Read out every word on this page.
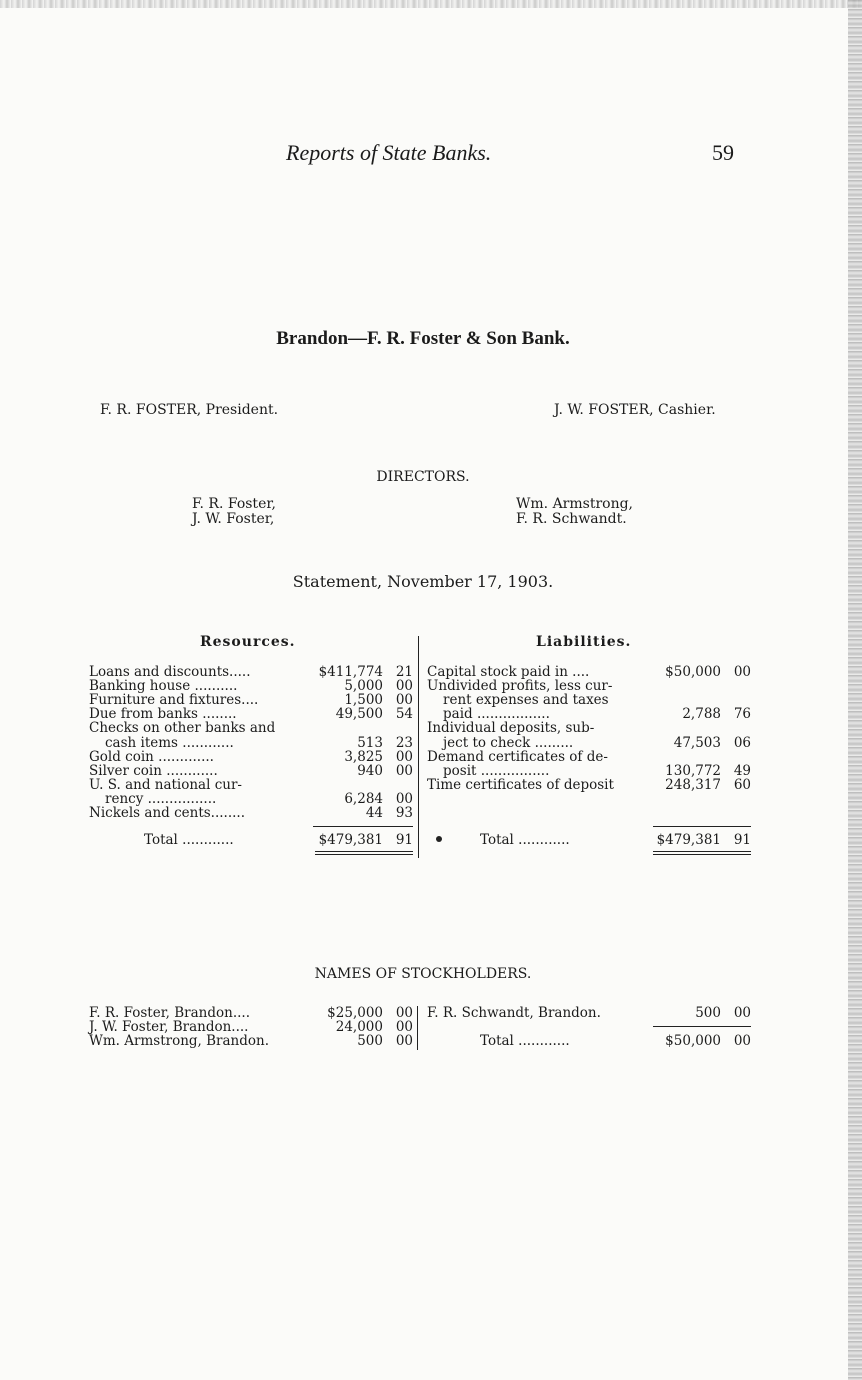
Reports of State Banks.	59
Brandon—F. R. Foster & Son Bank.
F. R. FOSTER, President.	J. W. FOSTER, Cashier.
DIRECTORS.
F. R. Foster,
J. W. Foster,
Wm. Armstrong,
F. R. Schwandt.
Statement, November 17, 1903.
Resources.	Liabilities.
Loans and discounts.....	$411,774 21
Banking house ..........	5,000 00
Furniture and fixtures....	1,500 00
Due from banks ........	49,500 54
Checks on other banks and
cash items ............	513 23
Gold coin .............	3,825 00
Silver coin ............	940 00
U. S. and national cur-
rency ................	6,284 00
Nickels and cents........	44 93
Capital stock paid in ....	$50,000 00
Undivided profits, less cur-
rent expenses and taxes
paid .................	2,788 76
Individual deposits, sub-
ject to check .........	47,503 06
Demand certificates of de-
posit ................	130,772 49
Time certificates of deposit	248,317 60
Total ............	$479,381 91	Total ............	$479,381 91
NAMES OF STOCKHOLDERS.
F. R. Foster, Brandon....	$25,000 00
J. W. Foster, Brandon....	24,000 00
Wm. Armstrong, Brandon.	500 00
F. R. Schwandt, Brandon.	500 00
Total ............	$50,000 00
